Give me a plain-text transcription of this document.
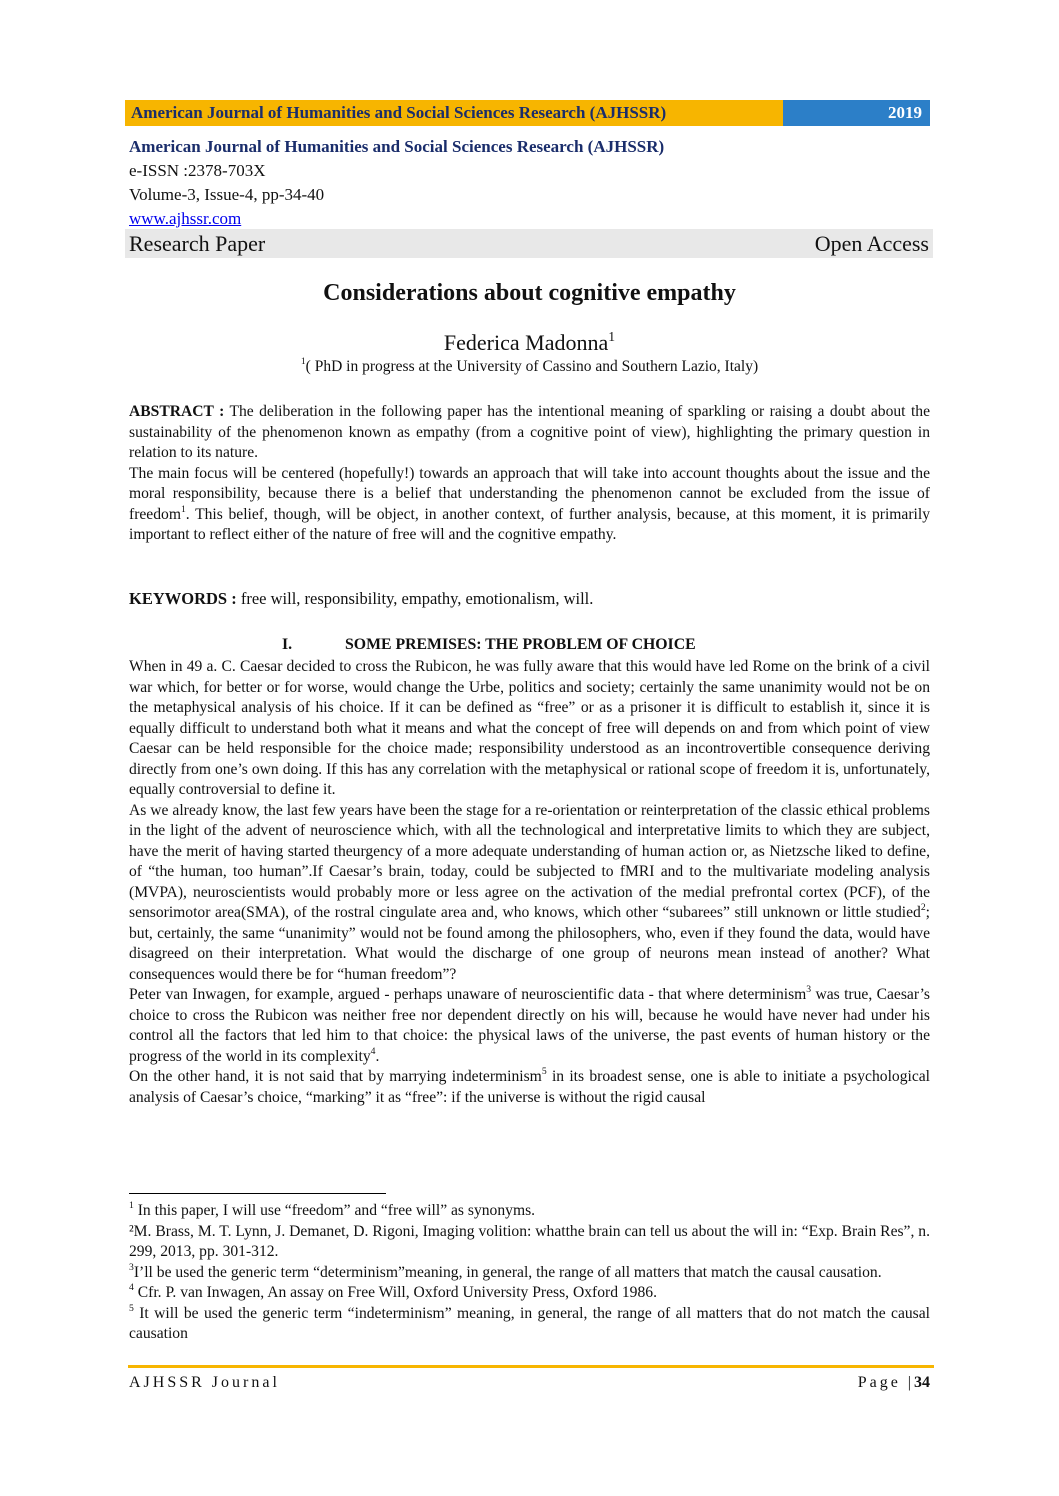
American Journal of Humanities and Social Sciences Research (AJHSSR)	2019
American Journal of Humanities and Social Sciences Research (AJHSSR)
e-ISSN :2378-703X
Volume-3, Issue-4, pp-34-40
www.ajhssr.com
Research Paper	Open Access
Considerations about cognitive empathy
Federica Madonna$^1$
$^1$( PhD in progress at the University of Cassino and Southern Lazio, Italy)

ABSTRACT : The deliberation in the following paper has the intentional meaning of sparkling or raising a doubt about the sustainability of the phenomenon known as empathy (from a cognitive point of view), highlighting the primary question in relation to its nature.

The main focus will be centered (hopefully!) towards an approach that will take into account thoughts about the issue and the moral responsibility, because there is a belief that understanding the phenomenon cannot be excluded from the issue of freedom$^1$. This belief, though, will be object, in another context, of further analysis, because, at this moment, it is primarily important to reflect either of the nature of free will and the cognitive empathy.

KEYWORDS : free will, responsibility, empathy, emotionalism, will.
I.	SOME PREMISES: THE PROBLEM OF CHOICE

When in 49 a. C. Caesar decided to cross the Rubicon, he was fully aware that this would have led Rome on the brink of a civil war which, for better or for worse, would change the Urbe, politics and society; certainly the same unanimity would not be on the metaphysical analysis of his choice. If it can be defined as “free” or as a prisoner it is difficult to establish it, since it is equally difficult to understand both what it means and what the concept of free will depends on and from which point of view Caesar can be held responsible for the choice made; responsibility understood as an incontrovertible consequence deriving directly from one’s own doing. If this has any correlation with the metaphysical or rational scope of freedom it is, unfortunately, equally controversial to define it.

As we already know, the last few years have been the stage for a re-orientation or reinterpretation of the classic ethical problems in the light of the advent of neuroscience which, with all the technological and interpretative limits to which they are subject, have the merit of having started theurgency of a more adequate understanding of human action or, as Nietzsche liked to define, of “the human, too human”.If Caesar’s brain, today, could be subjected to fMRI and to the multivariate modeling analysis (MVPA), neuroscientists would probably more or less agree on the activation of the medial prefrontal cortex (PCF), of the sensorimotor area(SMA), of the rostral cingulate area and, who knows, which other “subarees” still unknown or little studied$^2$; but, certainly, the same “unanimity” would not be found among the philosophers, who, even if they found the data, would have disagreed on their interpretation. What would the discharge of one group of neurons mean instead of another? What consequences would there be for “human freedom”?

Peter van Inwagen, for example, argued - perhaps unaware of neuroscientific data - that where determinism$^3$ was true, Caesar’s choice to cross the Rubicon was neither free nor dependent directly on his will, because he would have never had under his control all the factors that led him to that choice: the physical laws of the universe, the past events of human history or the progress of the world in its complexity$^4$.

On the other hand, it is not said that by marrying indeterminism$^5$ in its broadest sense, one is able to initiate a psychological analysis of Caesar’s choice, “marking” it as “free”: if the universe is without the rigid causal

$^1$ In this paper, I will use “freedom” and “free will” as synonyms.

²M. Brass, M. T. Lynn, J. Demanet, D. Rigoni, Imaging volition: whatthe brain can tell us about the will in: “Exp. Brain Res”, n. 299, 2013, pp. 301-312.

$^3$I’ll be used the generic term “determinism”meaning, in general, the range of all matters that match the causal causation.

$^4$ Cfr. P. van Inwagen, An assay on Free Will, Oxford University Press, Oxford 1986.

$^5$ It will be used the generic term “indeterminism” meaning, in general, the range of all matters that do not match the causal causation

AJHSSR Journal	Page |34
